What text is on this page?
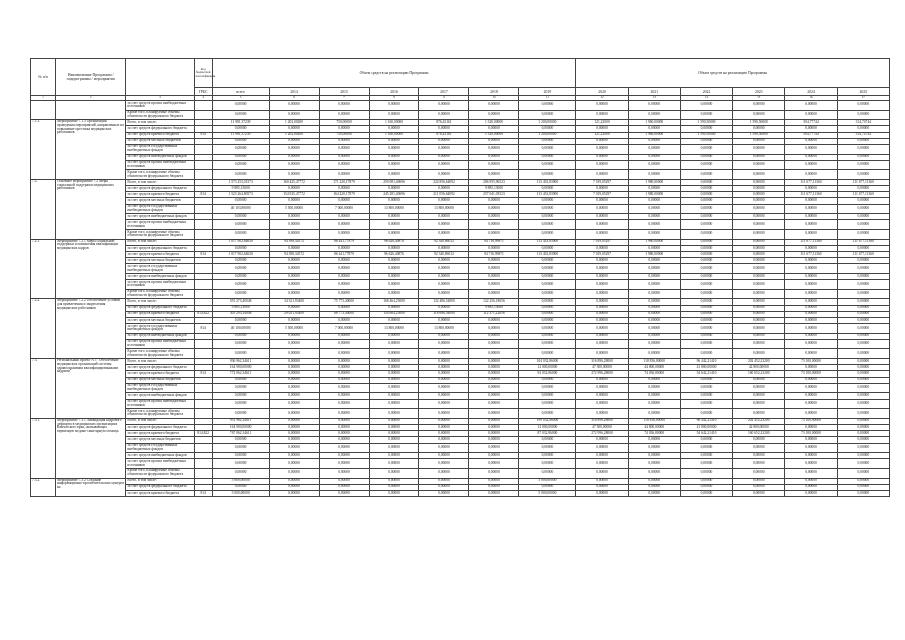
№ п/п	Наименование Программы / подпрограммы / мероприятия		Код бюджетной классификации	Объем средств на реализацию Программы							Объем средств на реализацию Программы					
			ГРБС	всего	2014	2015	2016	2017	2018	2019	2020	2021	2022	2023	2024	2025
1	2	3	4	5	6	7	8	9	10	11	12	13	14	15	16	17
		за счет средств прочих внебюджетных источников		0,00000	0,00000	0,00000	0,00000	0,00000	0,00000	0,00000	0,00000	0,00000	0,00000	0,00000	0,00000	0,00000
		Кроме того, планируемые объемы обязательств федерального бюджета		0,00000	0,00000	0,00000	0,00000	0,00000	0,00000	0,00000	0,00000	0,00000	0,00000	0,00000	0,00000	0,00000
7.1.3.	Мероприятие 7.1.3 Организация проведения мероприятий, направленных на повышение престижа медицинских работников	Всего, в том числе:		11 981,37239	1 202,00200	750,00000	1 160,00000	876,43161	1 320,00000	1 200,00000	121,22000	1 960,00000	1 590,50000	1 590,50000	504,77744	314,74744
		за счет средств федерального бюджета		0,00000	0,00000	0,00000	0,00000	0,00000	0,00000	0,00000	0,00000	0,00000	0,00000	0,00000	0,00000	0,00000
		за счет средств краевого бюджета	814	11 981,37239	1 202,00200	750,00000	1 160,00000	876,43161	1 320,00000	1 200,00000	121,22000	1 960,00000	1 590,50000	1 590,50000	504,77744	314,74744
		за счет средств местных бюджетов		0,00000	0,00000	0,00000	0,00000	0,00000	0,00000	0,00000	0,00000	0,00000	0,00000	0,00000	0,00000	0,00000
		за счет средств государственных внебюджетных фондов		0,00000	0,00000	0,00000	0,00000	0,00000	0,00000	0,00000	0,00000	0,00000	0,00000	0,00000	0,00000	0,00000
		за счет средств внебюджетных фондов		0,00000	0,00000	0,00000	0,00000	0,00000	0,00000	0,00000	0,00000	0,00000	0,00000	0,00000	0,00000	0,00000
		за счет средств прочих внебюджетных источников		0,00000	0,00000	0,00000	0,00000	0,00000	0,00000	0,00000	0,00000	0,00000	0,00000	0,00000	0,00000	0,00000
		Кроме того, планируемые объемы обязательств федерального бюджета		0,00000	0,00000	0,00000	0,00000	0,00000	0,00000	0,00000	0,00000	0,00000	0,00000	0,00000	0,00000	0,00000
7.2.	Основное мероприятие 7.2 Меры социальной поддержки медицинских работников	Всего, в том числе:		1 573 253,01573	160 425,47772	171 220,17879	259 081,40696	224 856,64092	286 955,96523	113 433,83900	7 019,05297	1 980,00000	0,00000	0,00000	111 677,11360	111 677,11360
		за счет средств федерального бюджета		9 885,13000	0,00000	0,00000	0,00000	0,00000	9 885,13000	0,00000	0,00000	0,00000	0,00000	0,00000	0,00000	0,00000
		за счет средств краевого бюджета	814	1 523 264,80573	154 925,47772	164 220,17879	245 281,40696	211 056,64092	257 041,03523	113 433,83900	7 019,05297	1 980,00000	0,00000	0,00000	111 677,11360	111 677,11360
		за счет средств местных бюджетов		0,00000	0,00000	0,00000	0,00000	0,00000	0,00000	0,00000	0,00000	0,00000	0,00000	0,00000	0,00000	0,00000
		за счет средств государственных внебюджетных фондов		40 103,80000	5 500,00000	7 000,00000	13 800,00000	13 800,00000	0,00000	0,00000	0,00000	0,00000	0,00000	0,00000	0,00000	0,00000
		за счет средств внебюджетных фондов		0,00000	0,00000	0,00000	0,00000	0,00000	0,00000	0,00000	0,00000	0,00000	0,00000	0,00000	0,00000	0,00000
		за счет средств прочих внебюджетных источников		0,00000	0,00000	0,00000	0,00000	0,00000	0,00000	0,00000	0,00000	0,00000	0,00000	0,00000	0,00000	0,00000
		Кроме того, планируемые объемы обязательств федерального бюджета		0,00000	0,00000	0,00000	0,00000	0,00000	0,00000	0,00000	0,00000	0,00000	0,00000	0,00000	0,00000	0,00000
7.2.1.	Мероприятие 7.2.1 Меры социальной поддержки и повышения квалификации медицинских кадров	Всего, в том числе:		1 017 902,64630	94 398,34572	86 441,77879	96 626,40876	92 340,86012	94 716,99871	113 433,83900	7 019,05297	1 980,00000	0,00000	0,00000	111 677,11360	111 677,11360
		за счет средств федерального бюджета		0,00000	0,00000	0,00000	0,00000	0,00000	0,00000	0,00000	0,00000	0,00000	0,00000	0,00000	0,00000	0,00000
		за счет средств краевого бюджета	814	1 017 902,64630	94 398,34572	86 441,77879	96 626,40876	92 340,86012	94 716,99871	113 433,83900	7 019,05297	1 980,00000	0,00000	0,00000	111 677,11360	111 677,11360
		за счет средств местных бюджетов		0,00000	0,00000	0,00000	0,00000	0,00000	0,00000	0,00000	0,00000	0,00000	0,00000	0,00000	0,00000	0,00000
		за счет средств государственных внебюджетных фондов		0,00000	0,00000	0,00000	0,00000	0,00000	0,00000	0,00000	0,00000	0,00000	0,00000	0,00000	0,00000	0,00000
		за счет средств внебюджетных фондов		0,00000	0,00000	0,00000	0,00000	0,00000	0,00000	0,00000	0,00000	0,00000	0,00000	0,00000	0,00000	0,00000
		за счет средств прочих внебюджетных источников		0,00000	0,00000	0,00000	0,00000	0,00000	0,00000	0,00000	0,00000	0,00000	0,00000	0,00000	0,00000	0,00000
		Кроме того, планируемые объемы обязательств федерального бюджета		0,00000	0,00000	0,00000	0,00000	0,00000	0,00000	0,00000	0,00000	0,00000	0,00000	0,00000	0,00000	0,00000
7.2.2.	Мероприятие 7.2.2 Обеспечение условий для привлечения и закрепления медицинских работников	Всего, в том числе:		555 273,40048	34 521,93400	75 773,40000	168 464,25000	132 486,54000	122 256,18656	0,00000	0,00000	0,00000	0,00000	0,00000	0,00000	0,00000
		за счет средств федерального бюджета		9 885,13000	0,00000	0,00000	0,00000	0,00000	9 885,13000	0,00000	0,00000	0,00000	0,00000	0,00000	0,00000	0,00000
		за счет средств краевого бюджета	814,822	505 293,34048	29 021,93400	68 773,40000	154 664,25000	118 686,54000	112 371,22656	0,00000	0,00000	0,00000	0,00000	0,00000	0,00000	0,00000
		за счет средств местных бюджетов		0,00000	0,00000	0,00000	0,00000	0,00000	0,00000	0,00000	0,00000	0,00000	0,00000	0,00000	0,00000	0,00000
		за счет средств государственных внебюджетных фондов	814	40 100,00000	5 500,00000	7 000,00000	13 800,00000	13 800,00000	0,00000	0,00000	0,00000	0,00000	0,00000	0,00000	0,00000	0,00000
		за счет средств внебюджетных фондов		0,00000	0,00000	0,00000	0,00000	0,00000	0,00000	0,00000	0,00000	0,00000	0,00000	0,00000	0,00000	0,00000
		за счет средств прочих внебюджетных источников		0,00000	0,00000	0,00000	0,00000	0,00000	0,00000	0,00000	0,00000	0,00000	0,00000	0,00000	0,00000	0,00000
		Кроме того, планируемые объемы обязательств федерального бюджета		0,00000	0,00000	0,00000	0,00000	0,00000	0,00000	0,00000	0,00000	0,00000	0,00000	0,00000	0,00000	0,00000
7.3.	Региональный проект N 5 "Обеспечение медицинских организаций системы здравоохранения квалифицированными кадрами"	Всего, в том числе:		936 962,34611	0,00000	0,00000	0,00000	0,00000	0,00000	104 032,86000	316 896,28000	118 836,80000	96 442,21410	202 452,23200	73 100,00000	0,00000
		за счет средств федерального бюджета		164 900,00000	0,00000	0,00000	0,00000	0,00000	0,00000	12 000,00000	47 500,00000	44 800,00000	41 800,00000	42 800,00000	0,00000	0,00000
		за счет средств краевого бюджета	814	772 062,34611	0,00000	0,00000	0,00000	0,00000	0,00000	92 032,86000	272 996,28000	74 036,80000	54 642,21410	160 652,23200	73 100,00000	0,00000
		за счет средств местных бюджетов		0,00000	0,00000	0,00000	0,00000	0,00000	0,00000	0,00000	0,00000	0,00000	0,00000	0,00000	0,00000	0,00000
		за счет средств государственных внебюджетных фондов		0,00000	0,00000	0,00000	0,00000	0,00000	0,00000	0,00000	0,00000	0,00000	0,00000	0,00000	0,00000	0,00000
		за счет средств внебюджетных фондов		0,00000	0,00000	0,00000	0,00000	0,00000	0,00000	0,00000	0,00000	0,00000	0,00000	0,00000	0,00000	0,00000
		за счет средств прочих внебюджетных источников		0,00000	0,00000	0,00000	0,00000	0,00000	0,00000	0,00000	0,00000	0,00000	0,00000	0,00000	0,00000	0,00000
		Кроме того, планируемые объемы обязательств федерального бюджета		0,00000	0,00000	0,00000	0,00000	0,00000	0,00000	0,00000	0,00000	0,00000	0,00000	0,00000	0,00000	0,00000
7.3.1.	Мероприятие 7.3.1 Ликвидация кадрового дефицита в медицинских организациях Камчатского края, оказывающих первичную медико-санитарную помощь	Всего, в том числе:		931 962,34611	0,00000	0,00000	0,00000	0,00000	0,00000	199 032,86000	316 896,28000	118 836,80000	96 442,21410	202 452,23200	73 100,00000	0,00000
		за счет средств федерального бюджета		164 900,00000	0,00000	0,00000	0,00000	0,00000	0,00000	12 000,00000	47 500,00000	44 800,00000	41 800,00000	42 800,00000	0,00000	0,00000
		за счет средств краевого бюджета	814,822	767 062,34611	0,00000	0,00000	0,00000	0,00000	0,00000	87 032,86000	272 996,28000	74 036,80000	54 642,21410	160 652,23200	73 100,00000	0,00000
		за счет средств местных бюджетов		0,00000	0,00000	0,00000	0,00000	0,00000	0,00000	0,00000	0,00000	0,00000	0,00000	0,00000	0,00000	0,00000
		за счет средств государственных внебюджетных фондов		0,00000	0,00000	0,00000	0,00000	0,00000	0,00000	0,00000	0,00000	0,00000	0,00000	0,00000	0,00000	0,00000
		за счет средств внебюджетных фондов		0,00000	0,00000	0,00000	0,00000	0,00000	0,00000	0,00000	0,00000	0,00000	0,00000	0,00000	0,00000	0,00000
		за счет средств прочих внебюджетных источников		0,00000	0,00000	0,00000	0,00000	0,00000	0,00000	0,00000	0,00000	0,00000	0,00000	0,00000	0,00000	0,00000
		Кроме того, планируемые объемы обязательств федерального бюджета		0,00000	0,00000	0,00000	0,00000	0,00000	0,00000	0,00000	0,00000	0,00000	0,00000	0,00000	0,00000	0,00000
7.3.2.	Мероприятие 7.3.2 Создание информационно-просветительских центров на	Всего, в том числе:		5 000,00000	0,00000	0,00000	0,00000	0,00000	0,00000	5 000,00000	0,00000	0,00000	0,00000	0,00000	0,00000	0,00000
		за счет средств федерального бюджета		0,00000	0,00000	0,00000	0,00000	0,00000	0,00000	0,00000	0,00000	0,00000	0,00000	0,00000	0,00000	0,00000
		за счет средств краевого бюджета	814	5 000,00000	0,00000	0,00000	0,00000	0,00000	0,00000	5 000,00000	0,00000	0,00000	0,00000	0,00000	0,00000	0,00000
